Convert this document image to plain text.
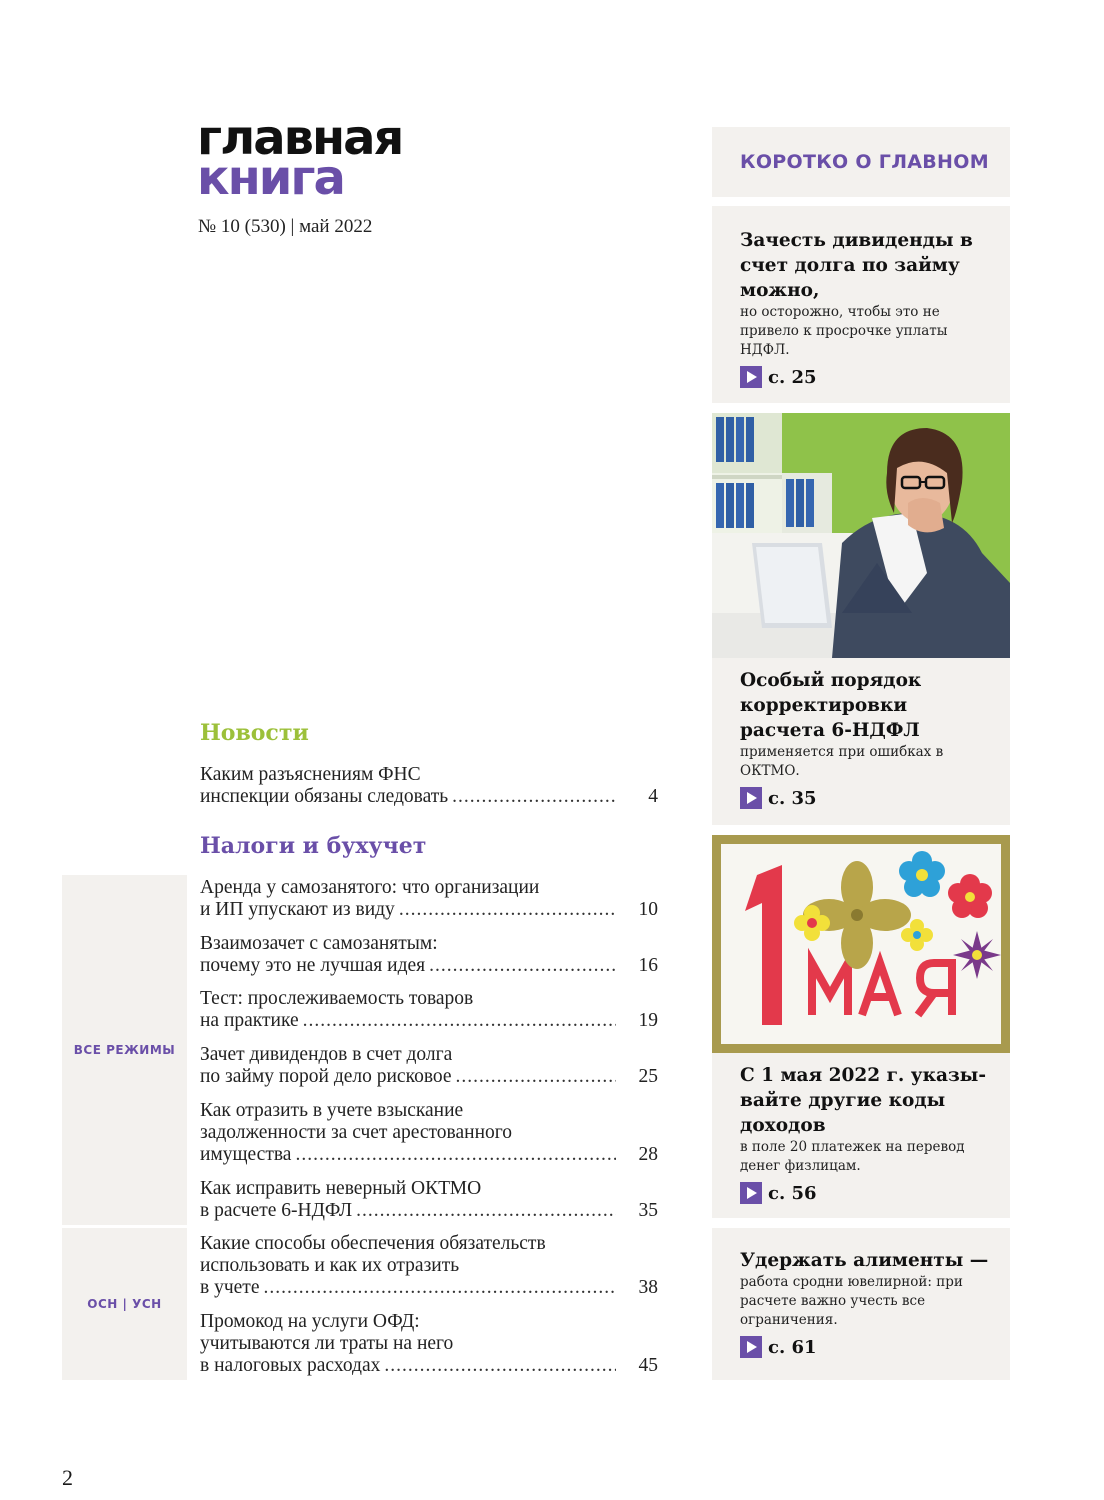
главная
книга
№ 10 (530) | май 2022
Новости
Налоги и бухучет
ВСЕ РЕЖИМЫ
ОСН | УСН
Каким разъяснениям ФНС
инспекции обязаны следовать .....	4
Аренда у самозанятого: что организации
и ИП упускают из виду .....	10
Взаимозачет с самозанятым:
почему это не лучшая идея .....	16
Тест: прослеживаемость товаров
на практике .....	19
Зачет дивидендов в счет долга
по займу порой дело рисковое .....	25
Как отразить в учете взыскание
задолженности за счет арестованного
имущества .....	28
Как исправить неверный ОКТМО
в расчете 6-НДФЛ .....	35
Какие способы обеспечения обязательств
использовать и как их отразить
в учете .....	38
Промокод на услуги ОФД:
учитываются ли траты на него
в налоговых расходах .....	45
2
КОРОТКО О ГЛАВНОМ
Зачесть дивиденды в счет долга по займу можно,
но осторожно, чтобы это не привело к просрочке уплаты НДФЛ.
с. 25
Особый порядок корректировки расчета 6-НДФЛ
применяется при ошибках в ОКТМО.
с. 35
С 1 мая 2022 г. указы-вайте другие коды доходов
в поле 20 платежек на перевод денег физлицам.
с. 56
Удержать алименты —
работа сродни ювелирной: при расчете важно учесть все ограничения.
с. 61
